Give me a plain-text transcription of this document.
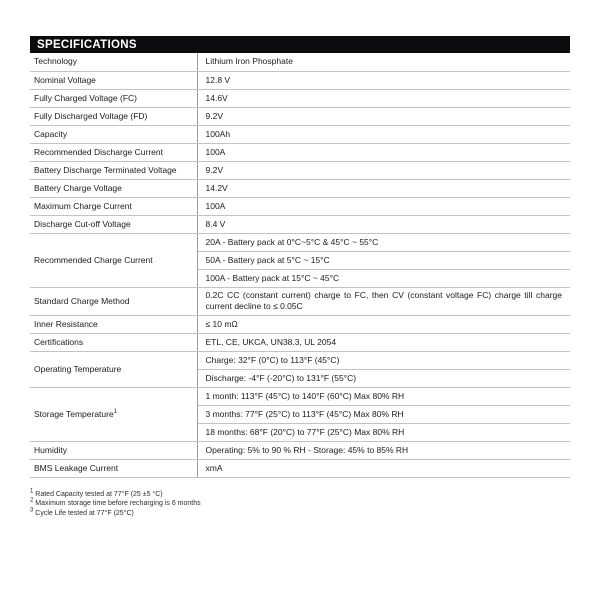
SPECIFICATIONS
Technology	Lithium Iron Phosphate
Nominal Voltage	12.8 V
Fully Charged Voltage (FC)	14.6V
Fully Discharged Voltage (FD)	9.2V
Capacity	100Ah
Recommended Discharge Current	100A
Battery Discharge Terminated Voltage	9.2V
Battery Charge Voltage	14.2V
Maximum Charge Current	100A
Discharge Cut-off Voltage	8.4 V
Recommended Charge Current	20A - Battery pack at 0°C~5°C & 45°C ~ 55°C
	50A - Battery pack at 5°C ~ 15°C
	100A - Battery pack at 15°C ~ 45°C
Standard Charge Method	0.2C CC (constant current) charge to FC, then CV (constant voltage FC) charge till charge current decline to ≤ 0.05C
Inner Resistance	≤ 10 mΩ
Certifications	ETL, CE, UKCA, UN38.3, UL 2054
Operating Temperature	Charge: 32°F (0°C) to 113°F (45°C)
	Discharge: -4°F (-20°C) to 131°F (55°C)
Storage Temperature$^1$	1 month: 113°F (45°C) to 140°F (60°C) Max 80% RH
	3 months: 77°F (25°C) to 113°F (45°C) Max 80% RH
	18 months: 68°F (20°C) to 77°F (25°C) Max 80% RH
Humidity	Operating: 5% to 90 % RH - Storage: 45% to 85% RH
BMS Leakage Current	xmA
$^1$ Rated Capacity tested at 77°F (25 ±5 °C)
$^2$ Maximum storage time before recharging is 6 months
$^3$ Cycle Life tested at 77°F (25°C)
